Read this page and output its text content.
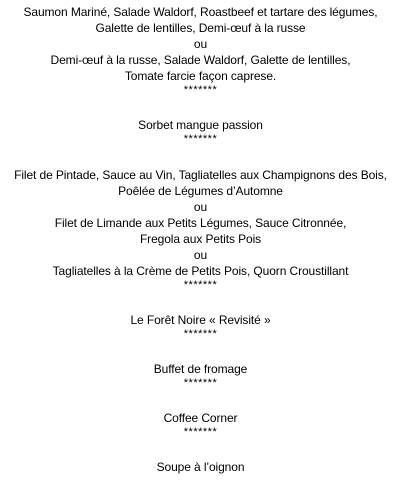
Saumon Mariné, Salade Waldorf, Roastbeef et tartare des légumes,
Galette de lentilles, Demi-œuf à la russe
ou
Demi-œuf à la russe, Salade Waldorf, Galette de lentilles,
Tomate farcie façon caprese.
*******
Sorbet mangue passion
*******
Filet de Pintade, Sauce au Vin, Tagliatelles aux Champignons des Bois,
Poêlée de Légumes d’Automne
ou
Filet de Limande aux Petits Légumes, Sauce Citronnée,
Fregola aux Petits Pois
ou
Tagliatelles à la Crème de Petits Pois, Quorn Croustillant
*******
Le Forêt Noire « Revisité »
*******
Buffet de fromage
*******
Coffee Corner
*******
Soupe à l’oignon
